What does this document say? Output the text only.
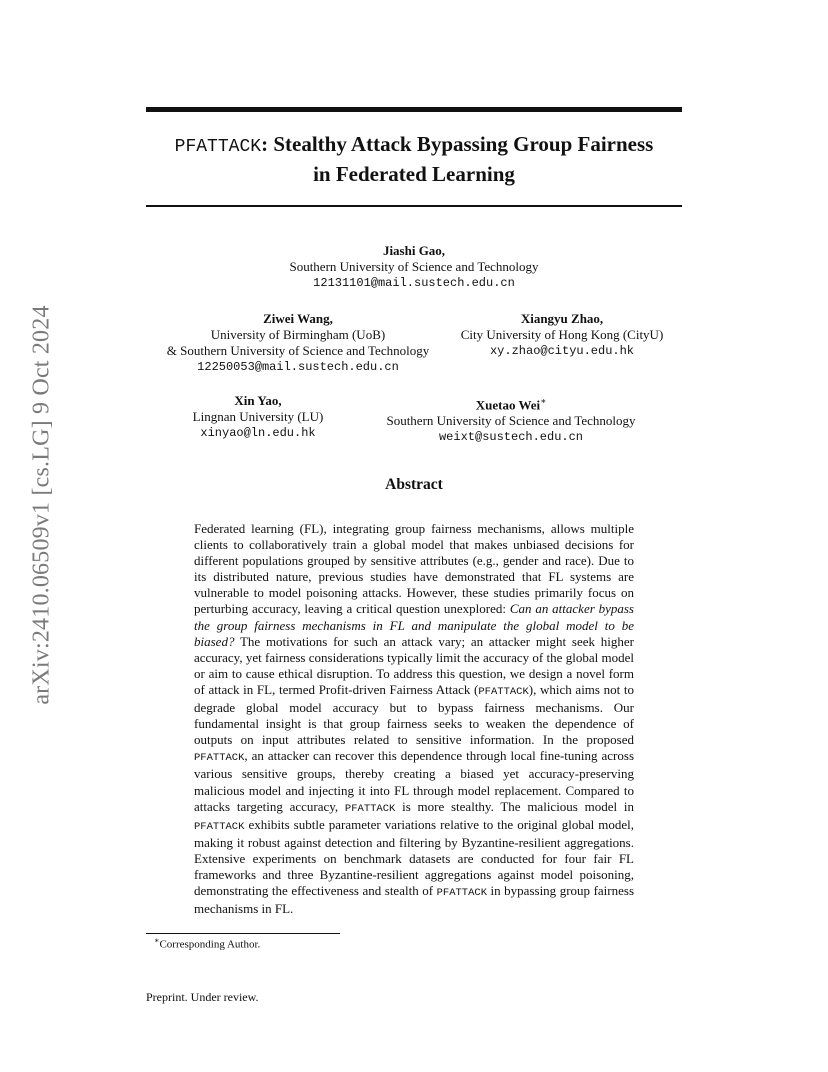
arXiv:2410.06509v1 [cs.LG] 9 Oct 2024
PFATTACK: Stealthy Attack Bypassing Group Fairness
in Federated Learning
Jiashi Gao,
Southern University of Science and Technology
12131101@mail.sustech.edu.cn
Ziwei Wang,
University of Birmingham (UoB)
& Southern University of Science and Technology
12250053@mail.sustech.edu.cn
Xiangyu Zhao,
City University of Hong Kong (CityU)
xy.zhao@cityu.edu.hk
Xin Yao,
Lingnan University (LU)
xinyao@ln.edu.hk
Xuetao Wei∗
Southern University of Science and Technology
weixt@sustech.edu.cn
Abstract

Federated learning (FL), integrating group fairness mechanisms, allows multiple clients to collaboratively train a global model that makes unbiased decisions for different populations grouped by sensitive attributes (e.g., gender and race). Due to its distributed nature, previous studies have demonstrated that FL systems are vulnerable to model poisoning attacks. However, these studies primarily focus on perturbing accuracy, leaving a critical question unexplored: Can an attacker bypass the group fairness mechanisms in FL and manipulate the global model to be biased? The motivations for such an attack vary; an attacker might seek higher accuracy, yet fairness considerations typically limit the accuracy of the global model or aim to cause ethical disruption. To address this question, we design a novel form of attack in FL, termed Profit-driven Fairness Attack (PFATTACK), which aims not to degrade global model accuracy but to bypass fairness mechanisms. Our fundamental insight is that group fairness seeks to weaken the dependence of outputs on input attributes related to sensitive information. In the proposed PFATTACK, an attacker can recover this dependence through local fine-tuning across various sensitive groups, thereby creating a biased yet accuracy-preserving malicious model and injecting it into FL through model replacement. Compared to attacks targeting accuracy, PFATTACK is more stealthy. The malicious model in PFATTACK exhibits subtle parameter variations relative to the original global model, making it robust against detection and filtering by Byzantine-resilient aggregations. Extensive experiments on benchmark datasets are conducted for four fair FL frameworks and three Byzantine-resilient aggregations against model poisoning, demonstrating the effectiveness and stealth of PFATTACK in bypassing group fairness mechanisms in FL.

∗Corresponding Author.

Preprint. Under review.
